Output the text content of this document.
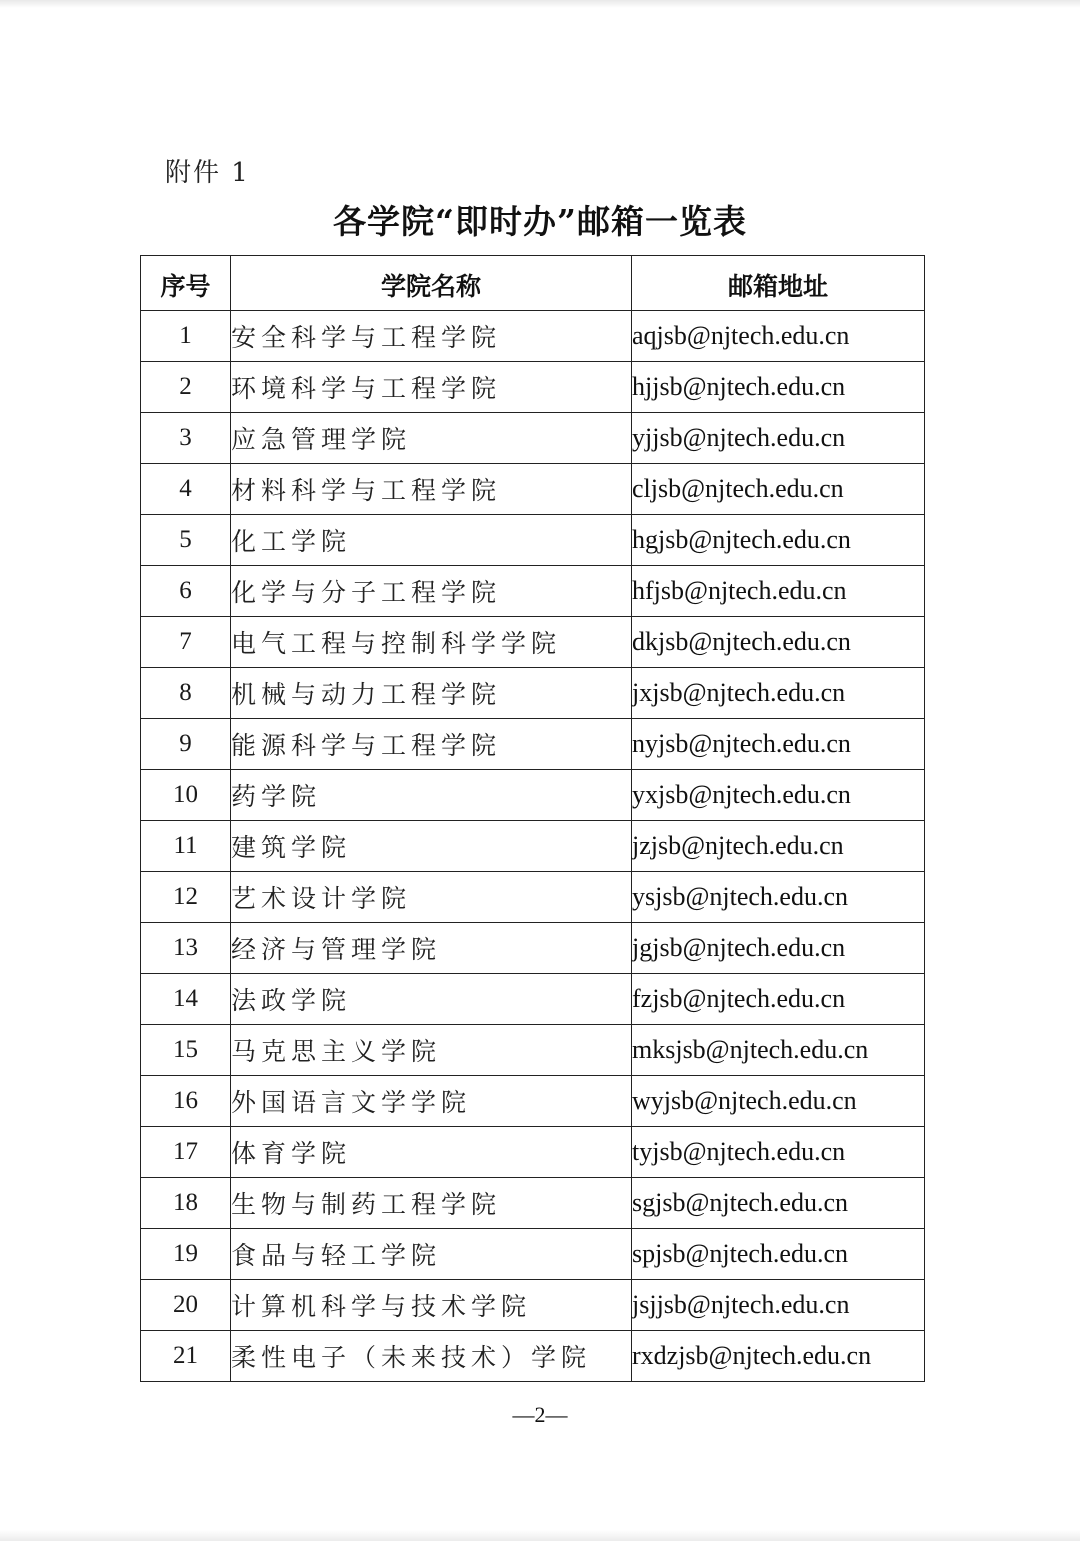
附件 1
各学院“即时办”邮箱一览表
序号	学院名称	邮箱地址
1	安全科学与工程学院	aqjsb@njtech.edu.cn
2	环境科学与工程学院	hjjsb@njtech.edu.cn
3	应急管理学院	yjjsb@njtech.edu.cn
4	材料科学与工程学院	cljsb@njtech.edu.cn
5	化工学院	hgjsb@njtech.edu.cn
6	化学与分子工程学院	hfjsb@njtech.edu.cn
7	电气工程与控制科学学院	dkjsb@njtech.edu.cn
8	机械与动力工程学院	jxjsb@njtech.edu.cn
9	能源科学与工程学院	nyjsb@njtech.edu.cn
10	药学院	yxjsb@njtech.edu.cn
11	建筑学院	jzjsb@njtech.edu.cn
12	艺术设计学院	ysjsb@njtech.edu.cn
13	经济与管理学院	jgjsb@njtech.edu.cn
14	法政学院	fzjsb@njtech.edu.cn
15	马克思主义学院	mksjsb@njtech.edu.cn
16	外国语言文学学院	wyjsb@njtech.edu.cn
17	体育学院	tyjsb@njtech.edu.cn
18	生物与制药工程学院	sgjsb@njtech.edu.cn
19	食品与轻工学院	spjsb@njtech.edu.cn
20	计算机科学与技术学院	jsjjsb@njtech.edu.cn
21	柔性电子（未来技术）学院	rxdzjsb@njtech.edu.cn
—2—
